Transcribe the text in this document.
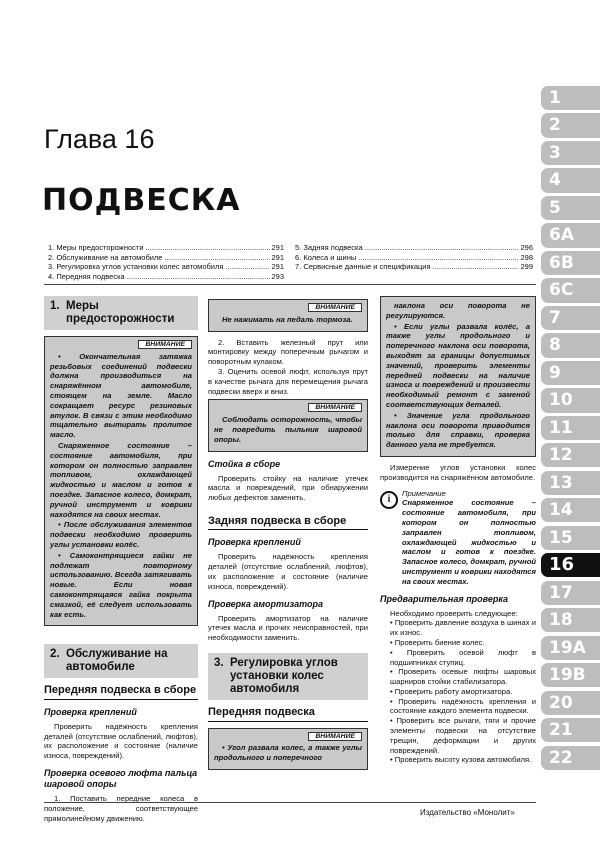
Глава 16
ПОДВЕСКА
1. Меры предосторожности .....	291
2. Обслуживание на автомобиле .....	291
3. Регулировка углов установки колес автомобиля .....	291
4. Передняя подвеска .....	293
5. Задняя подвеска .....	296
6. Колеса и шины .....	298
7. Сервисные данные и спецификация .....	299
1. Меры предосторожности
ВНИМАНИЕ

• Окончательная затяжка резьбовых соединений подвески должна производиться на снаряжённом автомобиле, стоящем на земле. Масло сокращает ресурс резиновых втулок. В связи с этим необходимо тщательно вытирать пролитое масло.

Снаряженное состояние – состояние автомобиля, при котором он полностью заправлен топливом, охлаждающей жидкостью и маслом и готов к поездке. Запасное колесо, домкрат, ручной инструмент и коврики находятся на своих местах.

• После обслуживания элементов подвески необходимо проверить углы установки колёс.

• Самоконтрящиеся гайки не подлежат повторному использованию. Всегда затягивать новые. Если новая самоконтрящаяся гайка покрыта смазкой, её следует использовать как есть.

2. Обслуживание на автомобиле
Передняя подвеска в сборе
Проверка креплений

Проверить надёжность крепления деталей (отсутствие ослаблений, люфтов), их расположение и состояние (наличие износа, повреждений).

Проверка осевого люфта пальца шаровой опоры

1. Поставить передние колеса в положение, соответствующее прямолинейному движению.

ВНИМАНИЕ

Не нажимать на педаль тормоза.

2. Вставить железный прут или монтировку между поперечным рычагом и поворотным кулаком.

3. Оценить осевой люфт, используя прут в качестве рычага для перемещения рычага подвески вверх и вниз.

ВНИМАНИЕ

Соблюдать осторожность, чтобы не повредить пыльник шаровой опоры.

Стойка в сборе

Проверить стойку на наличие утечек масла и повреждений, при обнаружении любых дефектов заменить.

Задняя подвеска в сборе
Проверка креплений

Проверить надёжность крепления деталей (отсутствие ослаблений, люфтов), их расположение и состояние (наличие износа, повреждений).

Проверка амортизатора

Проверить амортизатор на наличие утечек масла и прочих неисправностей, при необходимости заменить.

3. Регулировка углов установки колес автомобиля
Передняя подвеска
ВНИМАНИЕ

• Угол развала колес, а также углы продольного и поперечного

наклона оси поворота не регулируются.

• Если углы развала колёс, а также углы продольного и поперечного наклона оси поворота, выходят за границы допустимых значений, проверить элементы передней подвески на наличие износа и повреждений и произвести необходимый ремонт с заменой соответствующих деталей.

• Значение угла продольного наклона оси поворота приводится только для справки, проверка данного угла не требуется.

Измерение углов установки колес производится на снаряжённом автомобиле.

i
Примечание
Снаряженное состояние – состояние автомобиля, при котором он полностью заправлен топливом, охлаждающей жидкостью и маслом и готов к поездке. Запасное колесо, домкрат, ручной инструмент и коврики находятся на своих местах.
Предварительная проверка

Необходимо проверить следующее:

• Проверить давление воздуха в шинах и их износ.

• Проверить биение колес.

• Проверить осевой люфт в подшипниках ступиц.

• Проверить осевые люфты шаровых шарниров стойки стабилизатора.

• Проверить работу амортизатора.

• Проверить надёжность крепления и состояние каждого элемента подвески.

• Проверить все рычаги, тяги и прочие элементы подвески на отсутствие трещин, деформации и других повреждений.

• Проверить высоту кузова автомобиля.

Издательство «Монолит»
1
2
3
4
5
6A
6B
6C
7
8
9
10
11
12
13
14
15
16
17
18
19A
19B
20
21
22
